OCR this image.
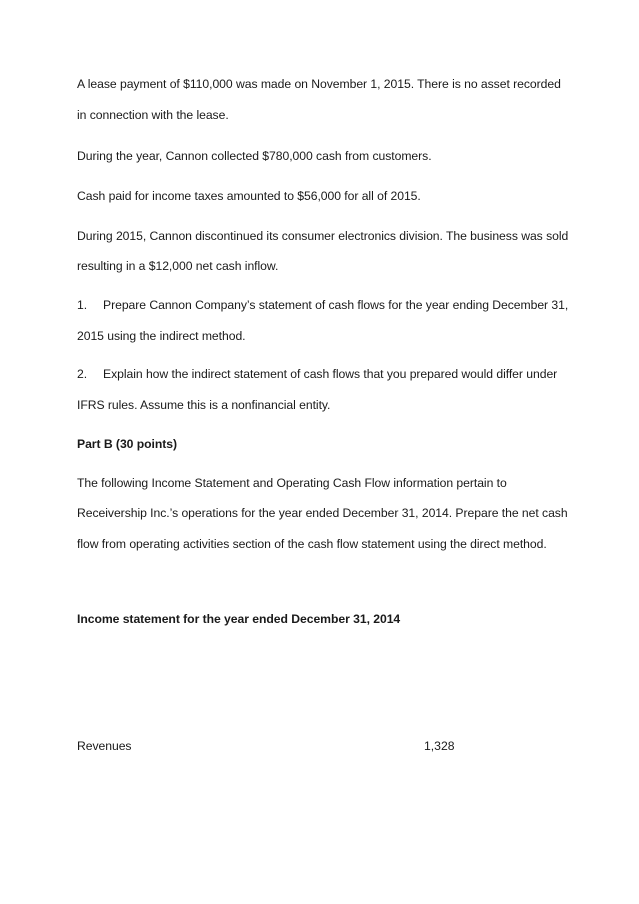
A lease payment of $110,000 was made on November 1, 2015. There is no asset recorded
in connection with the lease.
During the year, Cannon collected $780,000 cash from customers.
Cash paid for income taxes amounted to $56,000 for all of 2015.
During 2015, Cannon discontinued its consumer electronics division. The business was sold
resulting in a $12,000 net cash inflow.
1. Prepare Cannon Company’s statement of cash flows for the year ending December 31,
2015 using the indirect method.
2. Explain how the indirect statement of cash flows that you prepared would differ under
IFRS rules. Assume this is a nonfinancial entity.
Part B (30 points)
The following Income Statement and Operating Cash Flow information pertain to
Receivership Inc.’s operations for the year ended December 31, 2014. Prepare the net cash
flow from operating activities section of the cash flow statement using the direct method.
Income statement for the year ended December 31, 2014
Revenues	1,328
